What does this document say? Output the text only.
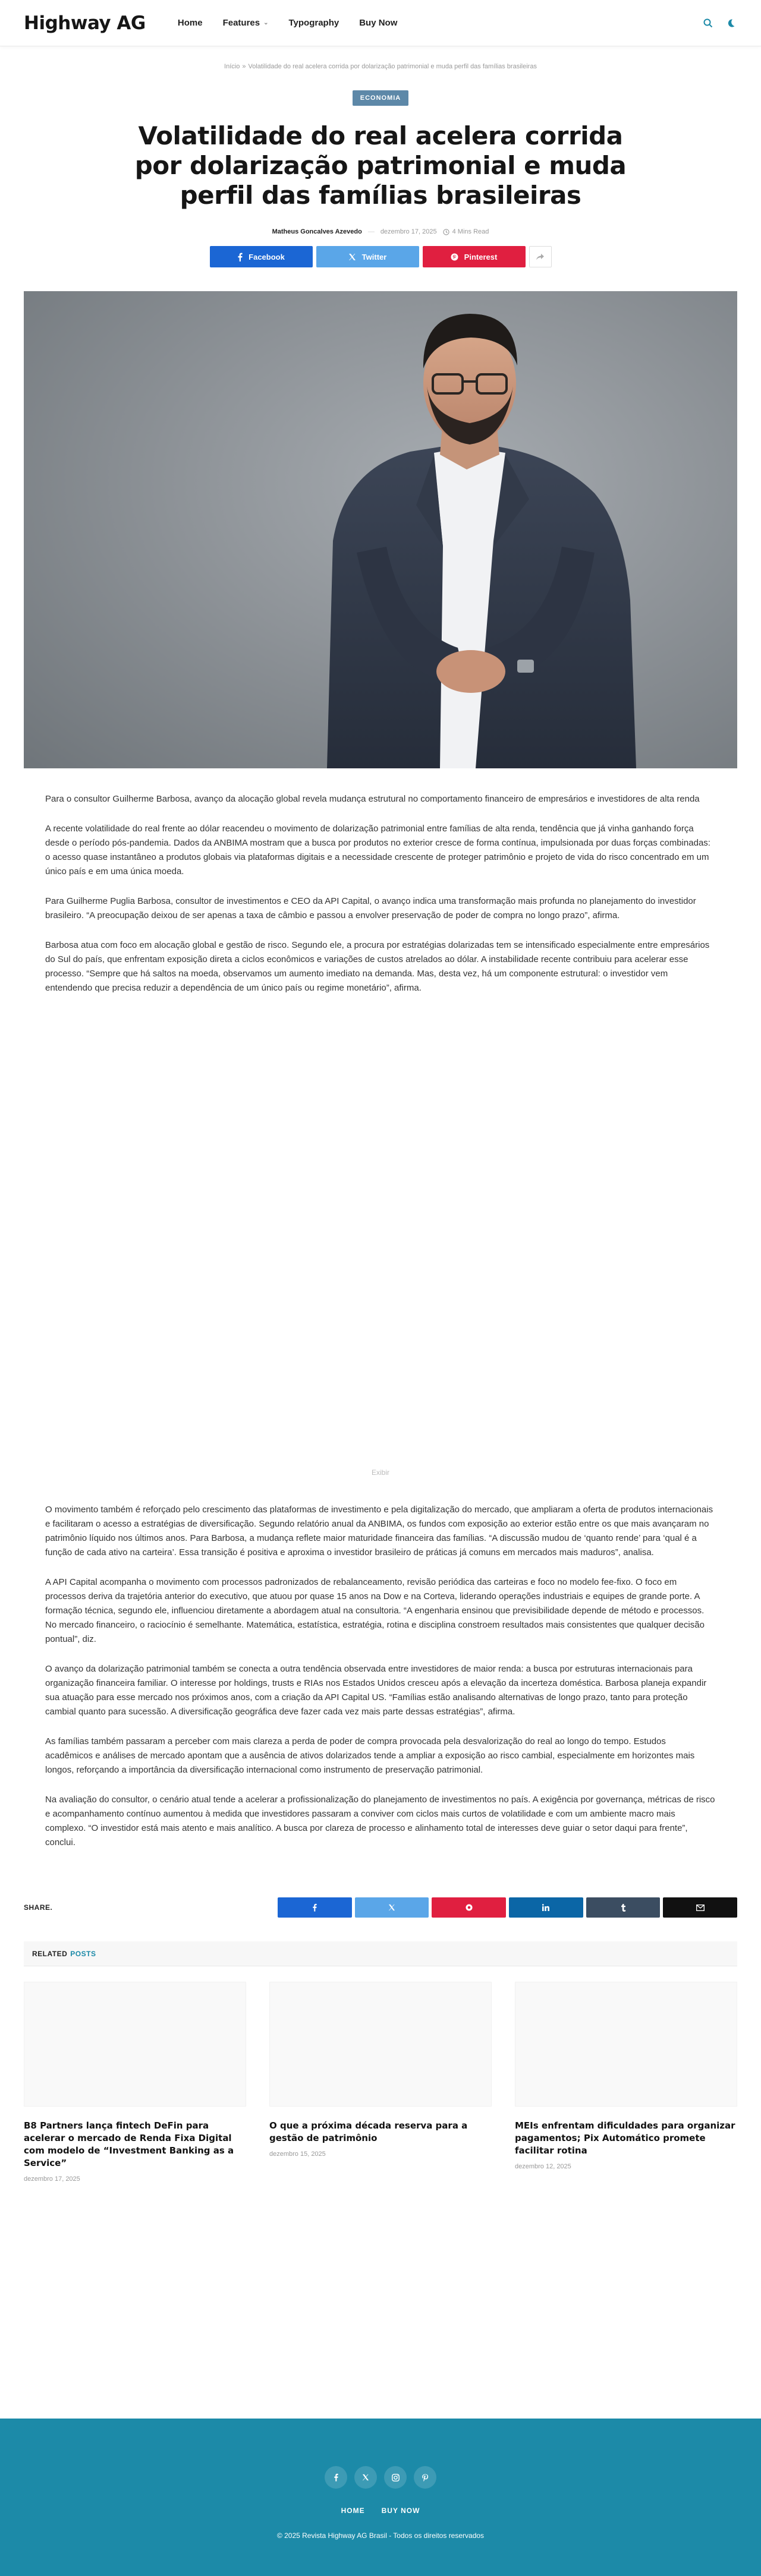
Highway AG	Home Features ⌄ Typography Buy Now
Início » Volatilidade do real acelera corrida por dolarização patrimonial e muda perfil das famílias brasileiras
ECONOMIA
Volatilidade do real acelera corrida por dolarização patrimonial e muda perfil das famílias brasileiras
Matheus Goncalves Azevedo — dezembro 17, 2025 4 Mins Read
Facebook	Twitter	Pinterest

Para o consultor Guilherme Barbosa, avanço da alocação global revela mudança estrutural no comportamento financeiro de empresários e investidores de alta renda

A recente volatilidade do real frente ao dólar reacendeu o movimento de dolarização patrimonial entre famílias de alta renda, tendência que já vinha ganhando força desde o período pós-pandemia. Dados da ANBIMA mostram que a busca por produtos no exterior cresce de forma contínua, impulsionada por duas forças combinadas: o acesso quase instantâneo a produtos globais via plataformas digitais e a necessidade crescente de proteger patrimônio e projeto de vida do risco concentrado em um único país e em uma única moeda.

Para Guilherme Puglia Barbosa, consultor de investimentos e CEO da API Capital, o avanço indica uma transformação mais profunda no planejamento do investidor brasileiro. “A preocupação deixou de ser apenas a taxa de câmbio e passou a envolver preservação de poder de compra no longo prazo”, afirma.

Barbosa atua com foco em alocação global e gestão de risco. Segundo ele, a procura por estratégias dolarizadas tem se intensificado especialmente entre empresários do Sul do país, que enfrentam exposição direta a ciclos econômicos e variações de custos atrelados ao dólar. A instabilidade recente contribuiu para acelerar esse processo. “Sempre que há saltos na moeda, observamos um aumento imediato na demanda. Mas, desta vez, há um componente estrutural: o investidor vem entendendo que precisa reduzir a dependência de um único país ou regime monetário”, afirma.

Exibir

O movimento também é reforçado pelo crescimento das plataformas de investimento e pela digitalização do mercado, que ampliaram a oferta de produtos internacionais e facilitaram o acesso a estratégias de diversificação. Segundo relatório anual da ANBIMA, os fundos com exposição ao exterior estão entre os que mais avançaram no patrimônio líquido nos últimos anos. Para Barbosa, a mudança reflete maior maturidade financeira das famílias. “A discussão mudou de ‘quanto rende’ para ‘qual é a função de cada ativo na carteira’. Essa transição é positiva e aproxima o investidor brasileiro de práticas já comuns em mercados mais maduros”, analisa.

A API Capital acompanha o movimento com processos padronizados de rebalanceamento, revisão periódica das carteiras e foco no modelo fee-fixo. O foco em processos deriva da trajetória anterior do executivo, que atuou por quase 15 anos na Dow e na Corteva, liderando operações industriais e equipes de grande porte. A formação técnica, segundo ele, influenciou diretamente a abordagem atual na consultoria. “A engenharia ensinou que previsibilidade depende de método e processos. No mercado financeiro, o raciocínio é semelhante. Matemática, estatística, estratégia, rotina e disciplina constroem resultados mais consistentes que qualquer decisão pontual”, diz.

O avanço da dolarização patrimonial também se conecta a outra tendência observada entre investidores de maior renda: a busca por estruturas internacionais para organização financeira familiar. O interesse por holdings, trusts e RIAs nos Estados Unidos cresceu após a elevação da incerteza doméstica. Barbosa planeja expandir sua atuação para esse mercado nos próximos anos, com a criação da API Capital US. “Famílias estão analisando alternativas de longo prazo, tanto para proteção cambial quanto para sucessão. A diversificação geográfica deve fazer cada vez mais parte dessas estratégias”, afirma.

As famílias também passaram a perceber com mais clareza a perda de poder de compra provocada pela desvalorização do real ao longo do tempo. Estudos acadêmicos e análises de mercado apontam que a ausência de ativos dolarizados tende a ampliar a exposição ao risco cambial, especialmente em horizontes mais longos, reforçando a importância da diversificação internacional como instrumento de preservação patrimonial.

Na avaliação do consultor, o cenário atual tende a acelerar a profissionalização do planejamento de investimentos no país. A exigência por governança, métricas de risco e acompanhamento contínuo aumentou à medida que investidores passaram a conviver com ciclos mais curtos de volatilidade e com um ambiente macro mais complexo. “O investidor está mais atento e mais analítico. A busca por clareza de processo e alinhamento total de interesses deve guiar o setor daqui para frente”, conclui.

SHARE.
RELATED POSTS
B8 Partners lança fintech DeFin para acelerar o mercado de Renda Fixa Digital com modelo de “Investment Banking as a Service”
dezembro 17, 2025
O que a próxima década reserva para a gestão de patrimônio
dezembro 15, 2025
MEIs enfrentam dificuldades para organizar pagamentos; Pix Automático promete facilitar rotina
dezembro 12, 2025
HOME BUY NOW
© 2025 Revista Highway AG Brasil - Todos os direitos reservados
